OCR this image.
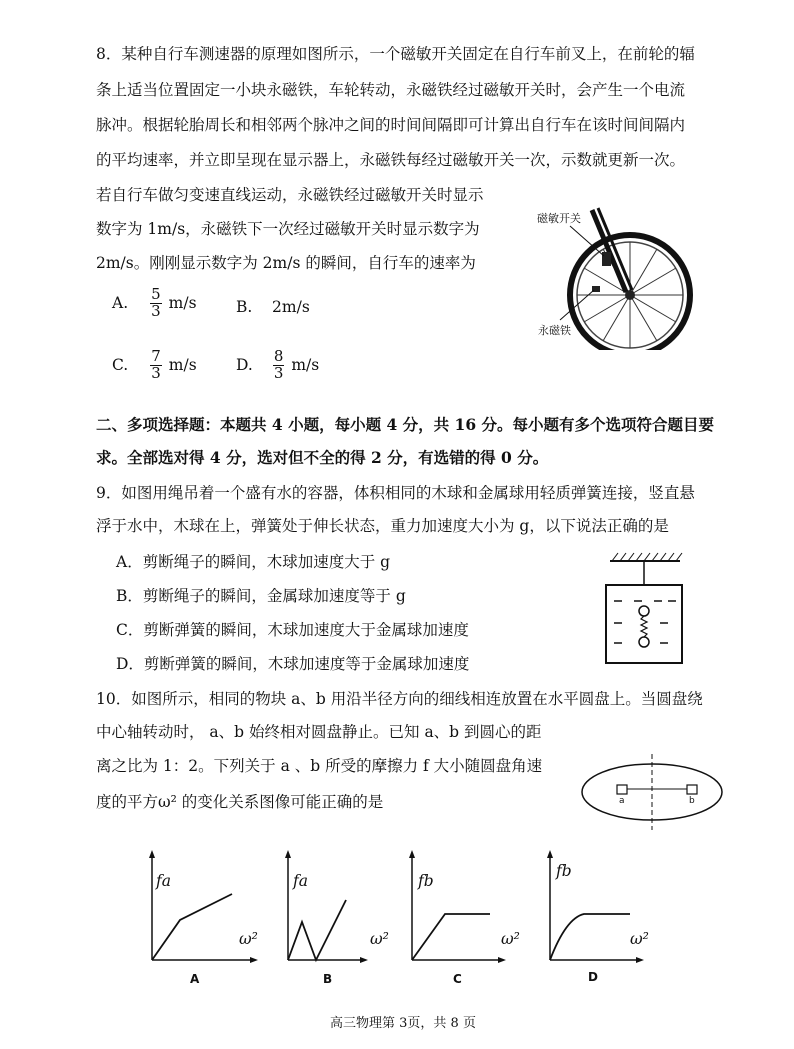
8．某种自行车测速器的原理如图所示，一个磁敏开关固定在自行车前叉上，在前轮的辐
条上适当位置固定一小块永磁铁，车轮转动，永磁铁经过磁敏开关时，会产生一个电流
脉冲。根据轮胎周长和相邻两个脉冲之间的时间间隔即可计算出自行车在该时间间隔内
的平均速率，并立即呈现在显示器上，永磁铁每经过磁敏开关一次，示数就更新一次。
若自行车做匀变速直线运动，永磁铁经过磁敏开关时显示
数字为 1m/s，永磁铁下一次经过磁敏开关时显示数字为
2m/s。刚刚显示数字为 2m/s 的瞬间，自行车的速率为
磁敏开关
永磁铁
A. $\frac{5}{3} m/s$	B. 2m/s
C. $\frac{7}{3} m/s$	D. $\frac{8}{3} m/s$
二、多项选择题：本题共 4 小题，每小题 4 分，共 16 分。每小题有多个选项符合题目要
求。全部选对得 4 分，选对但不全的得 2 分，有选错的得 0 分。
9．如图用绳吊着一个盛有水的容器，体积相同的木球和金属球用轻质弹簧连接，竖直悬
浮于水中，木球在上，弹簧处于伸长状态，重力加速度大小为 g，以下说法正确的是
A．剪断绳子的瞬间，木球加速度大于 g
B．剪断绳子的瞬间，金属球加速度等于 g
C．剪断弹簧的瞬间，木球加速度大于金属球加速度
D．剪断弹簧的瞬间，木球加速度等于金属球加速度
10．如图所示，相同的物块 a、b 用沿半径方向的细线相连放置在水平圆盘上。当圆盘绕
中心轴转动时， a、b 始终相对圆盘静止。已知 a、b 到圆心的距
离之比为 1：2。下列关于 a 、b 所受的摩擦力 f 大小随圆盘角速
度的平方ω² 的变化关系图像可能正确的是	a	b
fa
ω²
A
fa
ω²
B
fb
ω²
C
fb
ω²
D
高三物理第 3页，共 8 页
